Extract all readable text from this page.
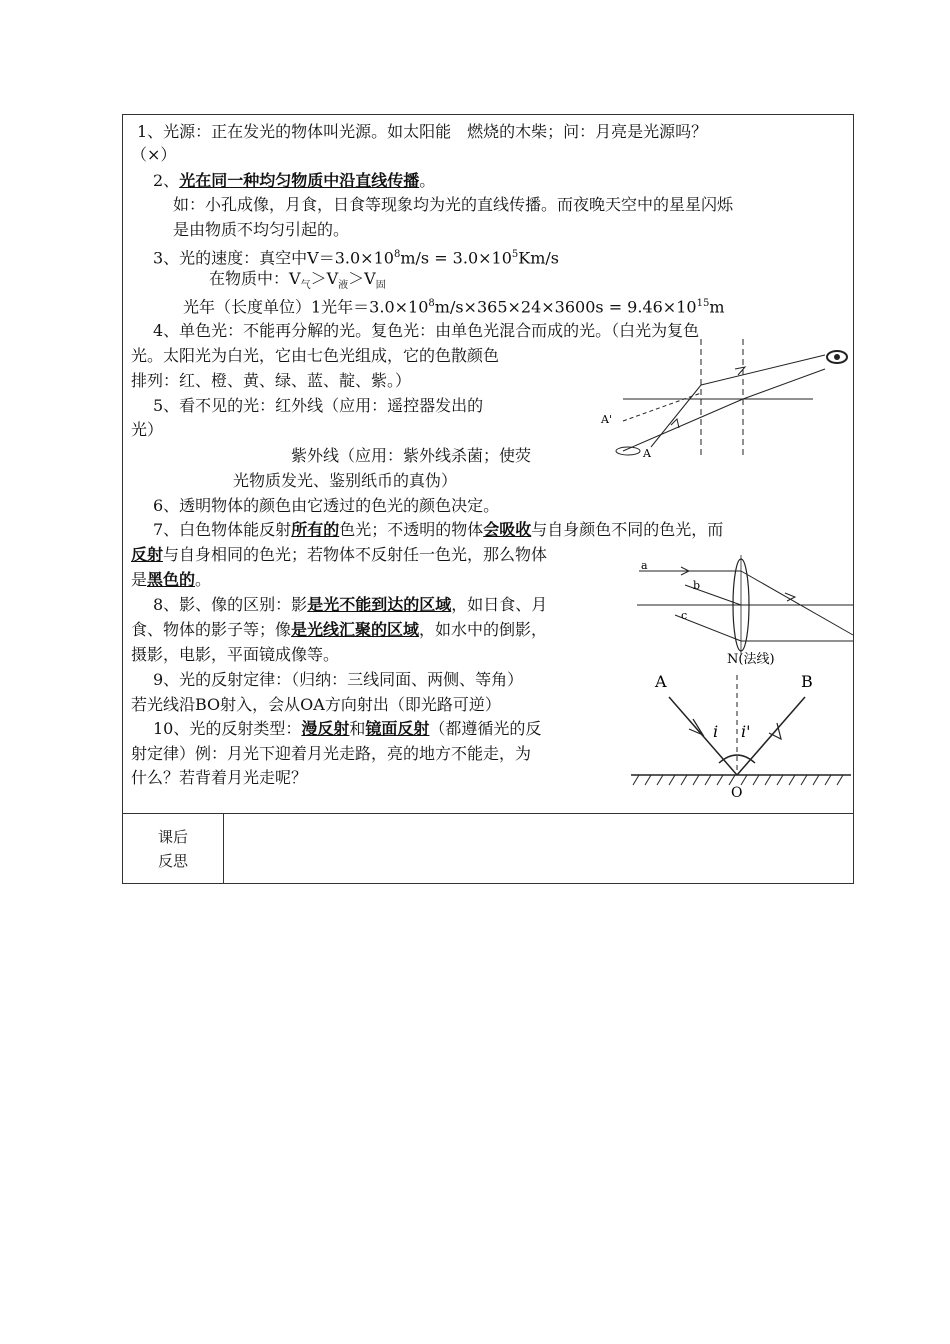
1、光源：正在发光的物体叫光源。如太阳能　燃烧的木柴；问：月亮是光源吗？
（×）
2、光在同一种均匀物质中沿直线传播。
如：小孔成像，月食，日食等现象均为光的直线传播。而夜晚天空中的星星闪烁
是由物质不均匀引起的。
3、光的速度：真空中$V=3.0\times 10^8m/s = 3.0\times 10^5Km/s$
在物质中：$V_气>V_液>V_固$
光年（长度单位）1光年$=3.0\times 10^8m/s\times 365\times 24\times 3600s = 9.46\times 10^{15}m$
4、单色光：不能再分解的光。复色光：由单色光混合而成的光。（白光为复色
光。太阳光为白光，它由七色光组成，它的色散颜色
排列：红、橙、黄、绿、蓝、靛、紫。）
5、看不见的光：红外线（应用：遥控器发出的
光）
紫外线（应用：紫外线杀菌；使荧
光物质发光、鉴别纸币的真伪）
6、透明物体的颜色由它透过的色光的颜色决定。
7、白色物体能反射所有的色光；不透明的物体会吸收与自身颜色不同的色光，而
反射与自身相同的色光；若物体不反射任一色光，那么物体
是黑色的。
8、影、像的区别：影是光不能到达的区域，如日食、月
食、物体的影子等；像是光线汇聚的区域，如水中的倒影，
摄影，电影，平面镜成像等。
9、光的反射定律：（归纳：三线同面、两侧、等角）
若光线沿BO射入，会从OA方向射出（即光路可逆）
10、光的反射类型：漫反射和镜面反射（都遵循光的反
射定律）例：月光下迎着月光走路，亮的地方不能走，为
什么？若背着月光走呢？
A'
A
a
b
c
N(法线)
A	B
i i'
O
课后
反思
